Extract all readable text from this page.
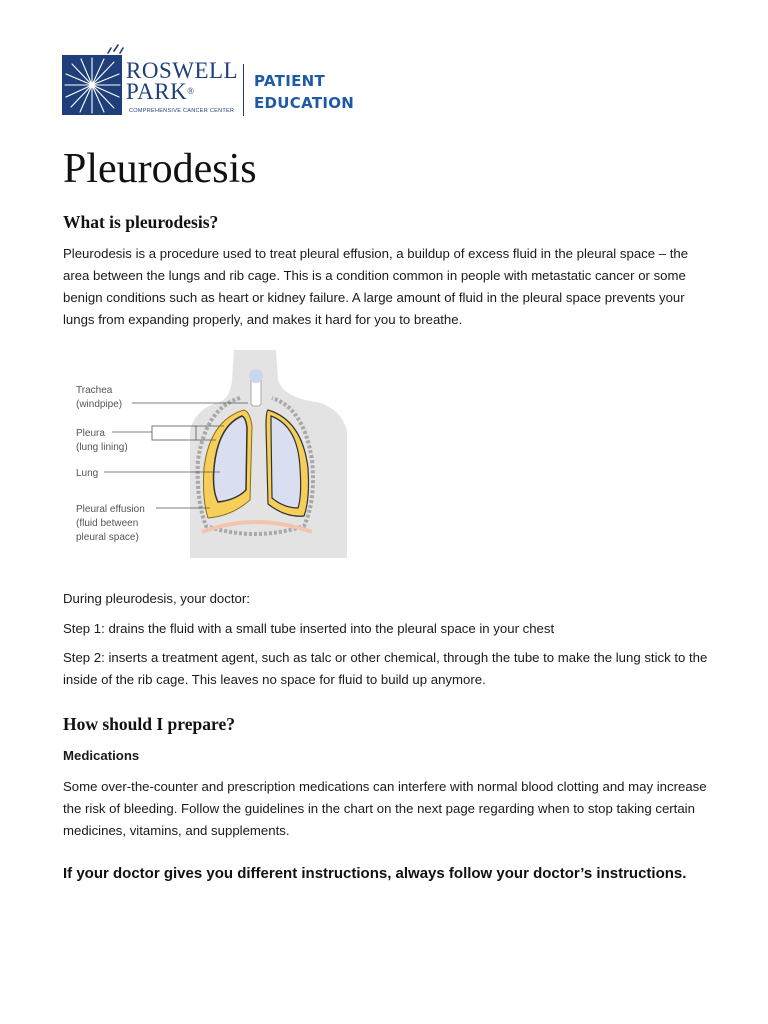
ROSWELL
PARK®
COMPREHENSIVE CANCER CENTER
PATIENT
EDUCATION
Pleurodesis
What is pleurodesis?

Pleurodesis is a procedure used to treat pleural effusion, a buildup of excess fluid in the pleural space – the area between the lungs and rib cage. This is a condition common in people with metastatic cancer or some benign conditions such as heart or kidney failure. A large amount of fluid in the pleural space prevents your lungs from expanding properly, and makes it hard for you to breathe.

Trachea
(windpipe)
Pleura
(lung lining)
Lung
Pleural effusion
(fluid between
pleural space)

During pleurodesis, your doctor:

Step 1: drains the fluid with a small tube inserted into the pleural space in your chest

Step 2: inserts a treatment agent, such as talc or other chemical, through the tube to make the lung stick to the inside of the rib cage. This leaves no space for fluid to build up anymore.

How should I prepare?

Medications

Some over-the-counter and prescription medications can interfere with normal blood clotting and may increase the risk of bleeding. Follow the guidelines in the chart on the next page regarding when to stop taking certain medicines, vitamins, and supplements.

If your doctor gives you different instructions, always follow your doctor’s instructions.
